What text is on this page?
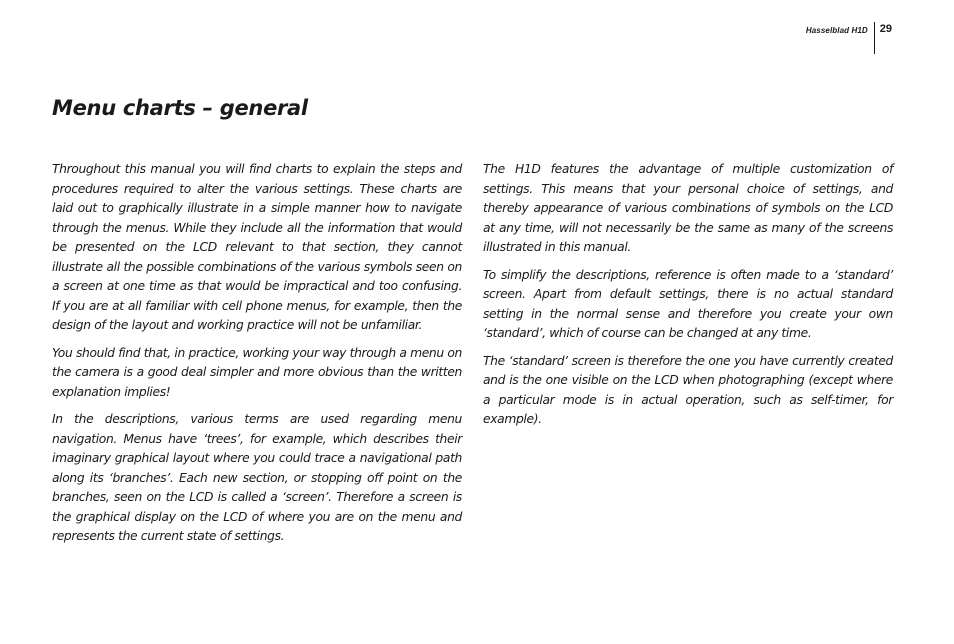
Hasselblad H1D	29
Menu charts – general

Throughout this manual you will find charts to explain the steps and procedures required to alter the various settings. These charts are laid out to graphically illustrate in a simple manner how to navigate through the menus. While they include all the information that would be presented on the LCD relevant to that section, they cannot illustrate all the possible combinations of the various symbols seen on a screen at one time as that would be impractical and too confusing. If you are at all familiar with cell phone menus, for example, then the design of the layout and working practice will not be unfamiliar.

You should find that, in practice, working your way through a menu on the camera is a good deal simpler and more obvious than the written explanation implies!

In the descriptions, various terms are used regarding menu navigation. Menus have ‘trees’, for example, which describes their imaginary graphical layout where you could trace a navigational path along its ‘branches’. Each new section, or stopping off point on the branches, seen on the LCD is called a ‘screen’. Therefore a screen is the graphical display on the LCD of where you are on the menu and represents the current state of settings.

The H1D features the advantage of multiple customization of settings. This means that your personal choice of settings, and thereby appearance of various combinations of symbols on the LCD at any time, will not necessarily be the same as many of the screens illustrated in this manual.

To simplify the descriptions, reference is often made to a ‘standard’ screen. Apart from default settings, there is no actual standard setting in the normal sense and therefore you create your own ‘standard’, which of course can be changed at any time.

The ‘standard’ screen is therefore the one you have currently created and is the one visible on the LCD when photographing (except where a particular mode is in actual operation, such as self-timer, for example).
